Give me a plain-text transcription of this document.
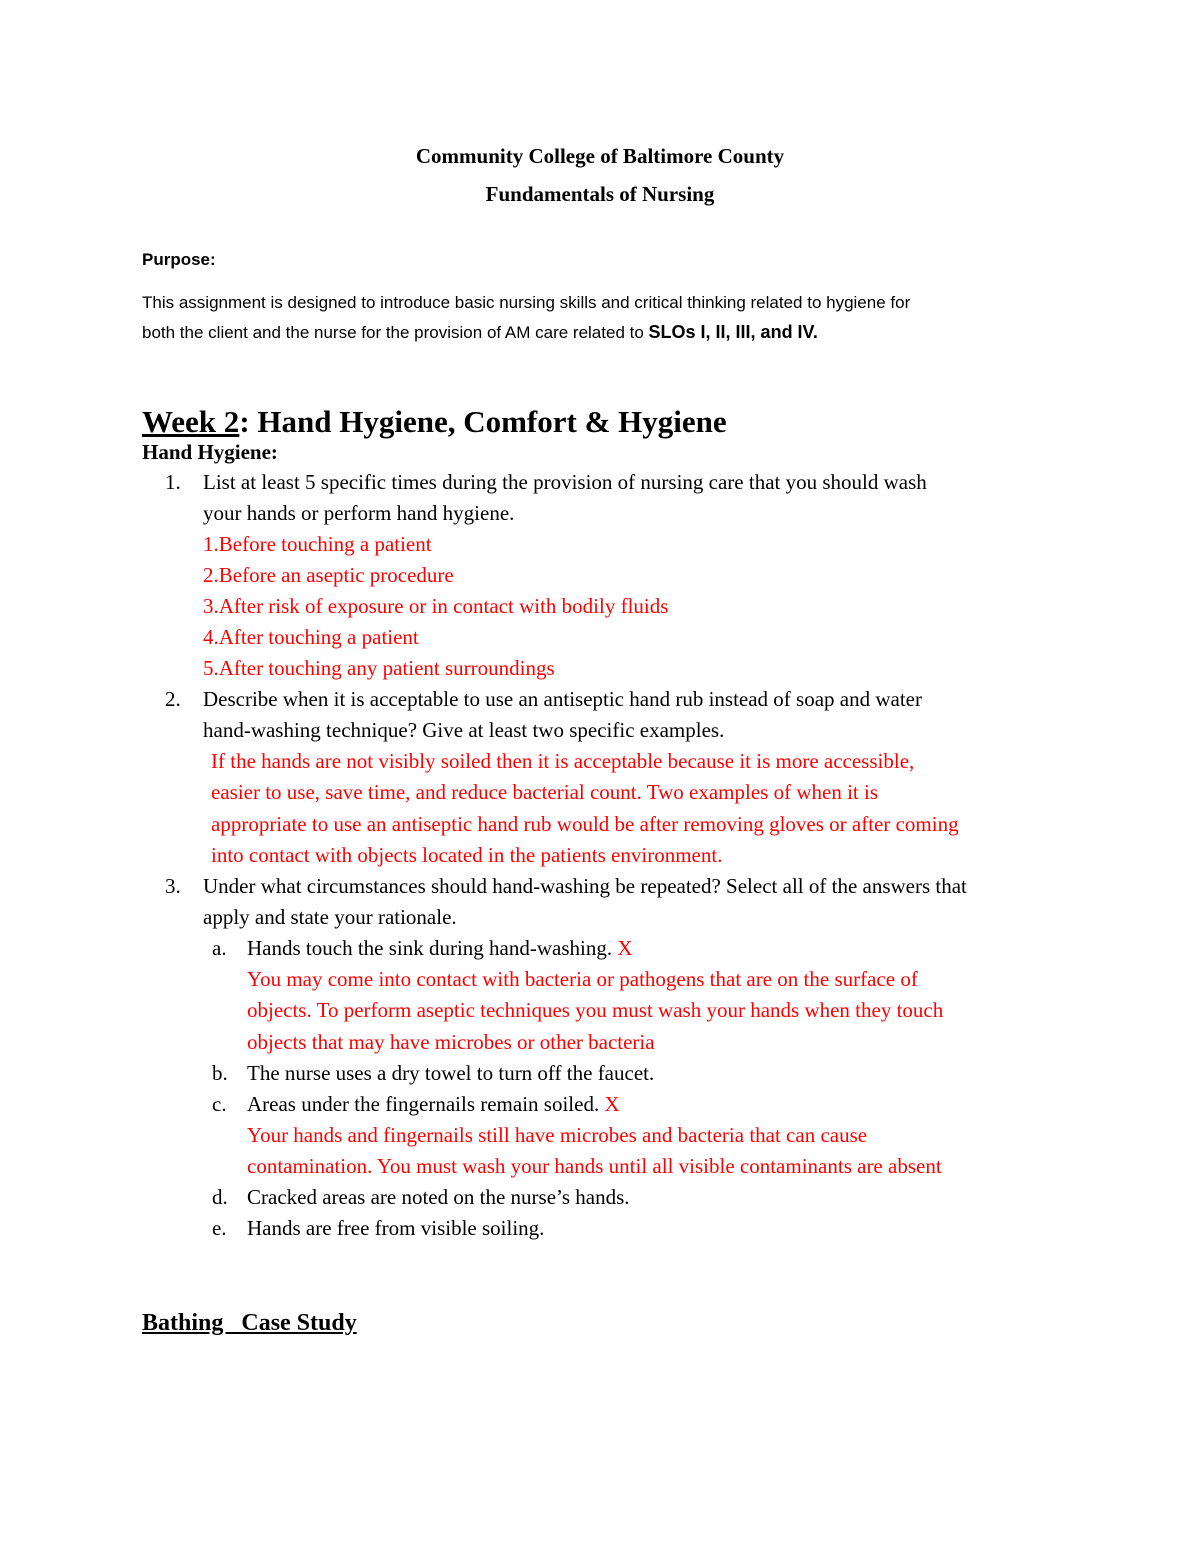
Community College of Baltimore County
Fundamentals of Nursing
Purpose:
This assignment is designed to introduce basic nursing skills and critical thinking related to hygiene for
both the client and the nurse for the provision of AM care related to SLOs I, II, III, and IV.
Week 2: Hand Hygiene, Comfort & Hygiene
Hand Hygiene:
1. List at least 5 specific times during the provision of nursing care that you should wash
your hands or perform hand hygiene.
1.Before touching a patient
2.Before an aseptic procedure
3.After risk of exposure or in contact with bodily fluids
4.After touching a patient
5.After touching any patient surroundings
2. Describe when it is acceptable to use an antiseptic hand rub instead of soap and water
hand-washing technique? Give at least two specific examples.
If the hands are not visibly soiled then it is acceptable because it is more accessible,
easier to use, save time, and reduce bacterial count. Two examples of when it is
appropriate to use an antiseptic hand rub would be after removing gloves or after coming
into contact with objects located in the patients environment.
3. Under what circumstances should hand-washing be repeated? Select all of the answers that
apply and state your rationale.
a. Hands touch the sink during hand-washing. X
You may come into contact with bacteria or pathogens that are on the surface of
objects. To perform aseptic techniques you must wash your hands when they touch
objects that may have microbes or other bacteria
b. The nurse uses a dry towel to turn off the faucet.
c. Areas under the fingernails remain soiled. X
Your hands and fingernails still have microbes and bacteria that can cause
contamination. You must wash your hands until all visible contaminants are absent
d. Cracked areas are noted on the nurse’s hands.
e. Hands are free from visible soiling.
Bathing   Case Study
